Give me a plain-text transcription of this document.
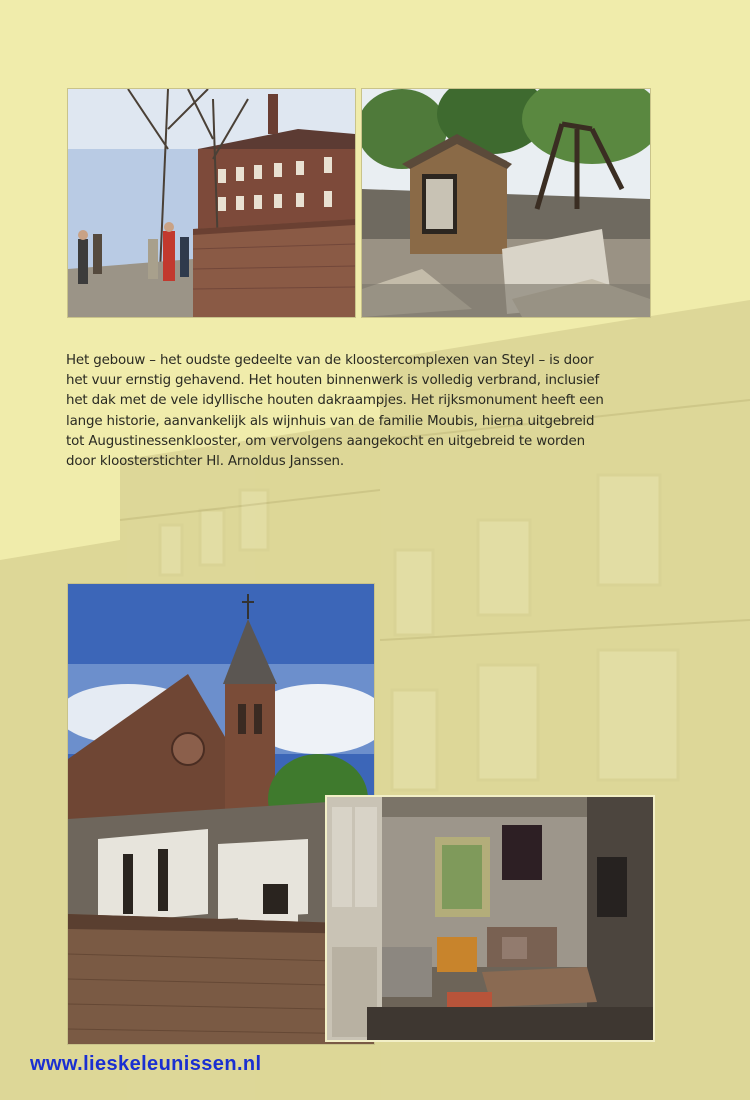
Het gebouw – het oudste gedeelte van de kloostercomplexen van Steyl – is door
het vuur ernstig gehavend. Het houten binnenwerk is volledig verbrand, inclusief
het dak met de vele idyllische houten dakraampjes. Het rijksmonument heeft een
lange historie, aanvankelijk als wijnhuis van de familie Moubis, hierna uitgebreid
tot Augustinessenklooster, om vervolgens aangekocht en uitgebreid te worden
door kloosterstichter Hl. Arnoldus Janssen.
www.lieskeleunissen.nl
